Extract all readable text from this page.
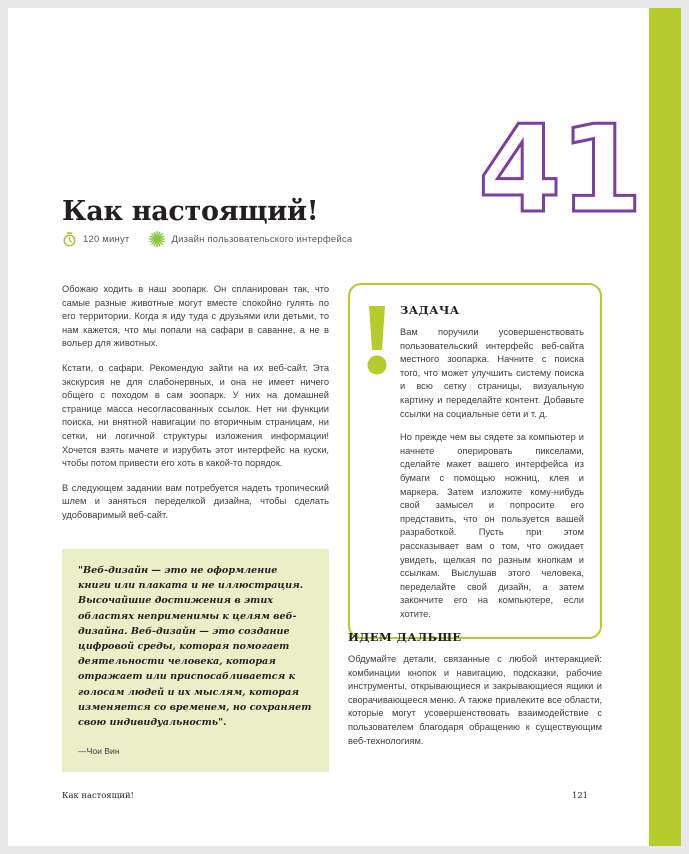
41
Как настоящий!
120 минут	Дизайн пользовательского интерфейса

Обожаю ходить в наш зоопарк. Он спланирован так, что самые разные животные могут вместе спокойно гулять по его территории. Когда я иду туда с друзьями или детьми, то нам кажется, что мы попали на сафари в саванне, а не в вольер для животных.

Кстати, о сафари. Рекомендую зайти на их веб-сайт. Эта экскурсия не для слабонервных, и она не имеет ничего общего с походом в сам зоопарк. У них на домашней странице масса несогласованных ссылок. Нет ни функции поиска, ни внятной навигации по вторичным страницам, ни сетки, ни логичной структуры изложения информации! Хочется взять мачете и изрубить этот интерфейс на куски, чтобы потом привести его хоть в какой-то порядок.

В следующем задании вам потребуется надеть тропический шлем и заняться переделкой дизайна, чтобы сделать удобоваримый веб-сайт.

"Веб-дизайн — это не оформление книги или плаката и не иллюстрация. Высочайшие достижения в этих областях неприменимы к целям веб-дизайна. Веб-дизайн — это создание цифровой среды, которая помогает деятельности человека, которая отражает или приспосабливается к голосам людей и их мыслям, которая изменяется со временем, но сохраняет свою индивидуальность".

—Чои Вин

ЗАДАЧА

Вам поручили усовершенствовать пользовательский интерфейс веб-сайта местного зоопарка. Начните с поиска того, что может улучшить систему поиска и всю сетку страницы, визуальную картину и переделайте контент. Добавьте ссылки на социальные сети и т. д.

Но прежде чем вы сядете за компьютер и начнете оперировать пикселами, сделайте макет вашего интерфейса из бумаги с помощью ножниц, клея и маркера. Затем изложите кому-нибудь свой замысел и попросите его представить, что он пользуется вашей разработкой. Пусть при этом рассказывает вам о том, что ожидает увидеть, щелкая по разным кнопкам и ссылкам. Выслушав этого человека, переделайте свой дизайн, а затем закончите его на компьютере, если хотите.

ИДЕМ ДАЛЬШЕ

Обдумайте детали, связанные с любой интеракцией: комбинации кнопок и навигацию, подсказки, рабочие инструменты, открывающиеся и закрывающиеся ящики и сворачивающееся меню. А также привлеките все области, которые могут усовершенствовать взаимодействие с пользователем благодаря обращению к существующим веб-технологиям.

Как настоящий!	121
